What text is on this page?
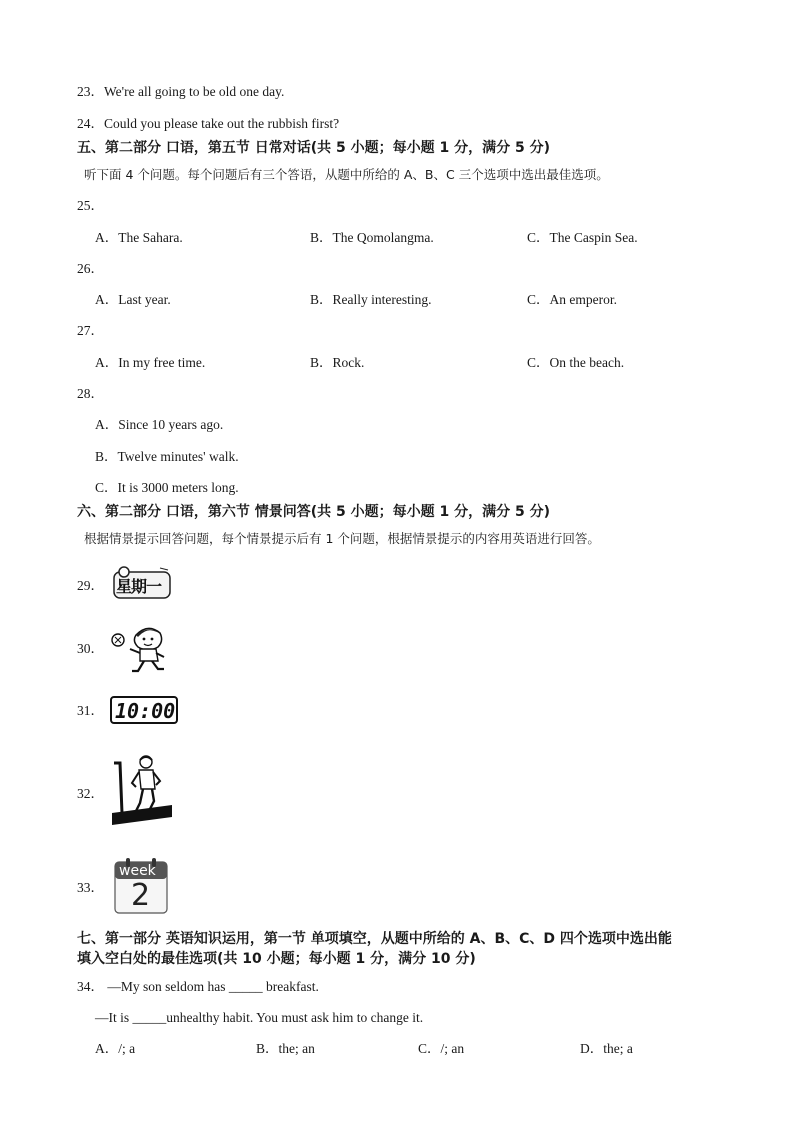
23．We're all going to be old one day.
24．Could you please take out the rubbish first?
五、第二部分 口语，第五节 日常对话(共 5 小题；每小题 1 分，满分 5 分)
听下面 4 个问题。每个问题后有三个答语，从题中所给的 A、B、C 三个选项中选出最佳选项。
25．
A．The Sahara.	B．The Qomolangma.	C．The Caspin Sea.
26．
A．Last year.	B．Really interesting.	C．An emperor.
27．
A．In my free time.	B．Rock.	C．On the beach.
28．
A．Since 10 years ago.
B．Twelve minutes' walk.
C．It is 3000 meters long.
六、第二部分 口语，第六节 情景问答(共 5 小题；每小题 1 分，满分 5 分)
根据情景提示回答问题，每个情景提示后有 1 个问题，根据情景提示的内容用英语进行回答。
29． 星期一
30．
31． 10:00
32．
33．
week
2
七、第一部分 英语知识运用，第一节 单项填空，从题中所给的 A、B、C、D 四个选项中选出能
填入空白处的最佳选项(共 10 小题；每小题 1 分，满分 10 分)
34． —My son seldom has _____ breakfast.
—It is _____unhealthy habit. You must ask him to change it.
A．/; a	B．the; an	C．/; an	D．the; a
